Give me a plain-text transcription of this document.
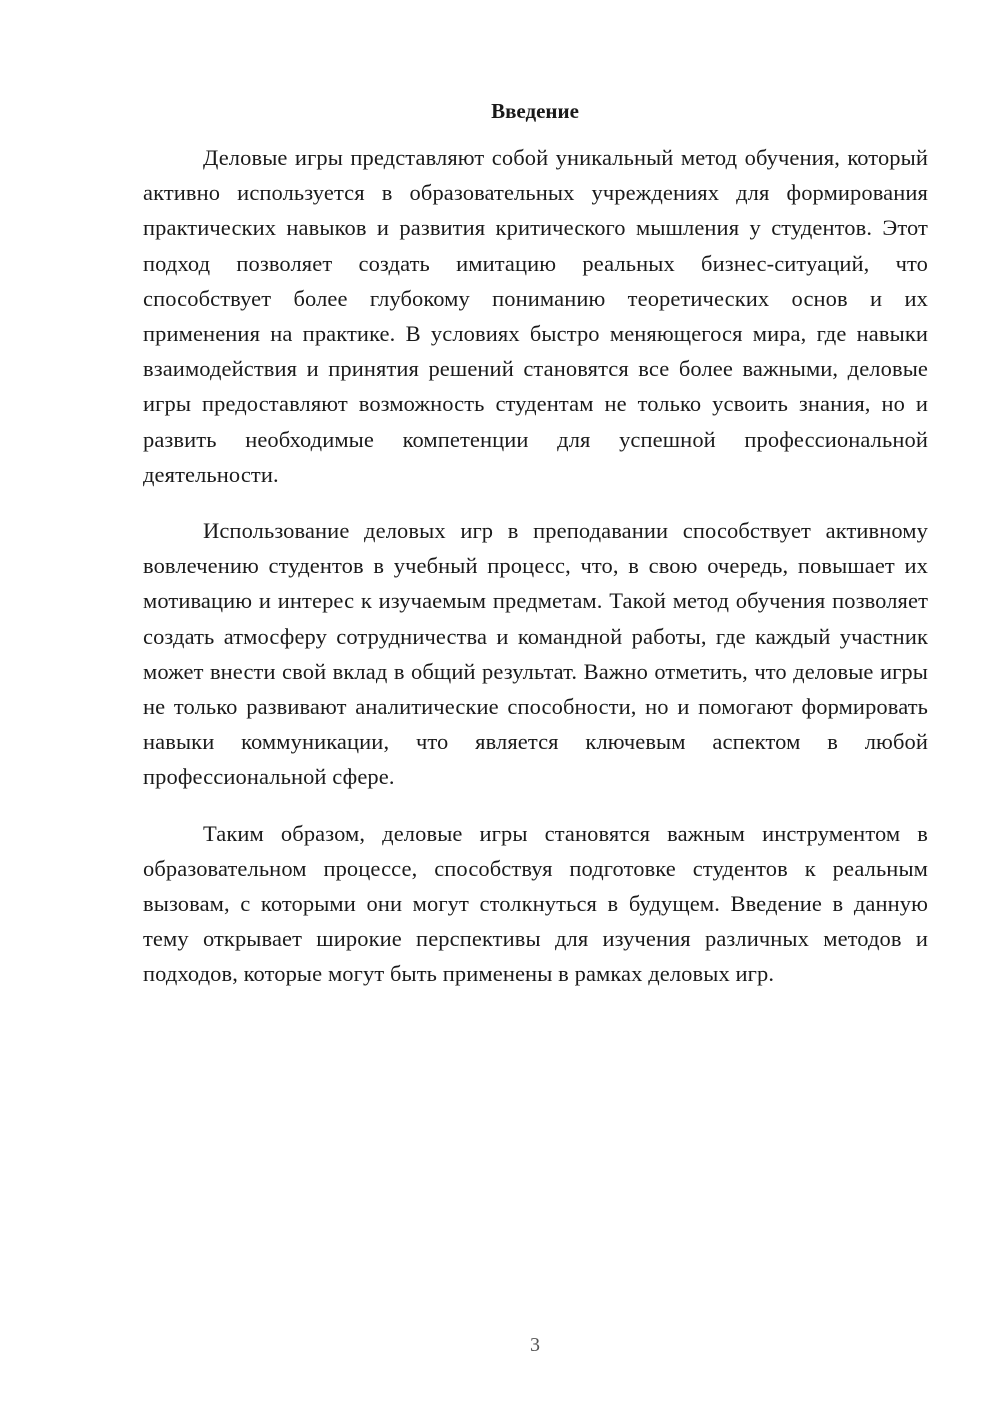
Введение

Деловые игры представляют собой уникальный метод обучения, который активно используется в образовательных учреждениях для формирования практических навыков и развития критического мышления у студентов. Этот подход позволяет создать имитацию реальных бизнес-ситуаций, что способствует более глубокому пониманию теоретических основ и их применения на практике. В условиях быстро меняющегося мира, где навыки взаимодействия и принятия решений становятся все более важными, деловые игры предоставляют возможность студентам не только усвоить знания, но и развить необходимые компетенции для успешной профессиональной деятельности.

Использование деловых игр в преподавании способствует активному вовлечению студентов в учебный процесс, что, в свою очередь, повышает их мотивацию и интерес к изучаемым предметам. Такой метод обучения позволяет создать атмосферу сотрудничества и командной работы, где каждый участник может внести свой вклад в общий результат. Важно отметить, что деловые игры не только развивают аналитические способности, но и помогают формировать навыки коммуникации, что является ключевым аспектом в любой профессиональной сфере.

Таким образом, деловые игры становятся важным инструментом в образовательном процессе, способствуя подготовке студентов к реальным вызовам, с которыми они могут столкнуться в будущем. Введение в данную тему открывает широкие перспективы для изучения различных методов и подходов, которые могут быть применены в рамках деловых игр.

3
